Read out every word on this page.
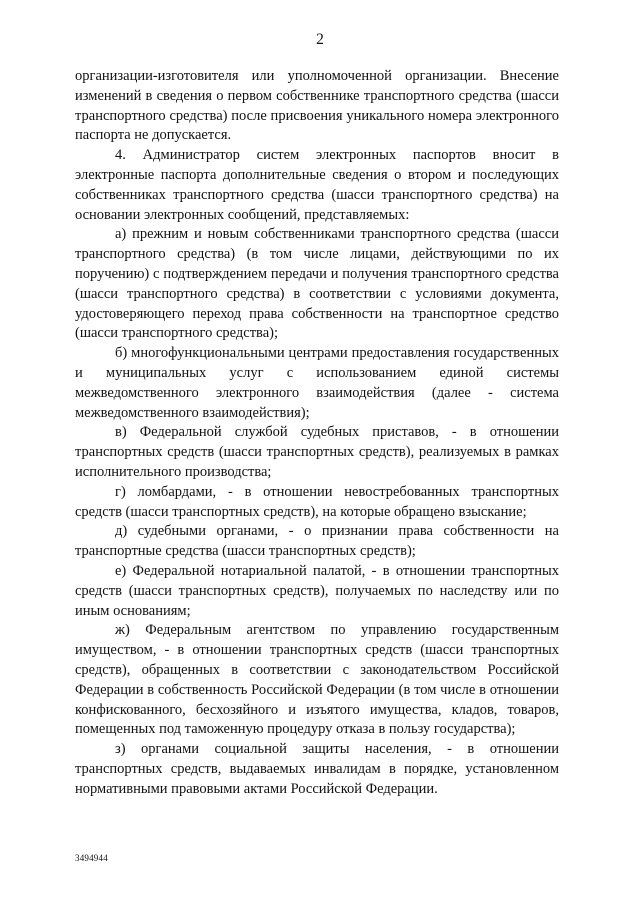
2

организации-изготовителя или уполномоченной организации. Внесение изменений в сведения о первом собственнике транспортного средства (шасси транспортного средства) после присвоения уникального номера электронного паспорта не допускается.

4. Администратор систем электронных паспортов вносит в электронные паспорта дополнительные сведения о втором и последующих собственниках транспортного средства (шасси транспортного средства) на основании электронных сообщений, представляемых:

а) прежним и новым собственниками транспортного средства (шасси транспортного средства) (в том числе лицами, действующими по их поручению) с подтверждением передачи и получения транспортного средства (шасси транспортного средства) в соответствии с условиями документа, удостоверяющего переход права собственности на транспортное средство (шасси транспортного средства);

б) многофункциональными центрами предоставления государственных и муниципальных услуг с использованием единой системы межведомственного электронного взаимодействия (далее - система межведомственного взаимодействия);

в) Федеральной службой судебных приставов, - в отношении транспортных средств (шасси транспортных средств), реализуемых в рамках исполнительного производства;

г) ломбардами, - в отношении невостребованных транспортных средств (шасси транспортных средств), на которые обращено взыскание;

д) судебными органами, - о признании права собственности на транспортные средства (шасси транспортных средств);

е) Федеральной нотариальной палатой, - в отношении транспортных средств (шасси транспортных средств), получаемых по наследству или по иным основаниям;

ж) Федеральным агентством по управлению государственным имуществом, - в отношении транспортных средств (шасси транспортных средств), обращенных в соответствии с законодательством Российской Федерации в собственность Российской Федерации (в том числе в отношении конфискованного, бесхозяйного и изъятого имущества, кладов, товаров, помещенных под таможенную процедуру отказа в пользу государства);

з) органами социальной защиты населения, - в отношении транспортных средств, выдаваемых инвалидам в порядке, установленном нормативными правовыми актами Российской Федерации.

3494944
